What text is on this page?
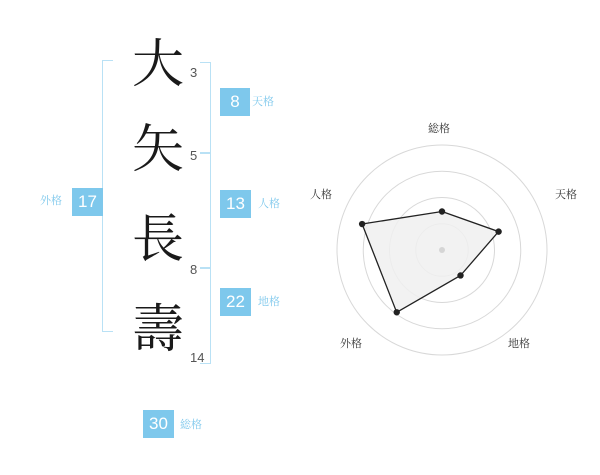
外格 17
大 3
矢 5
長
8
壽 14
8	天格
13	人格
22	地格
30	総格
総格
天格
地格
外格
人格
